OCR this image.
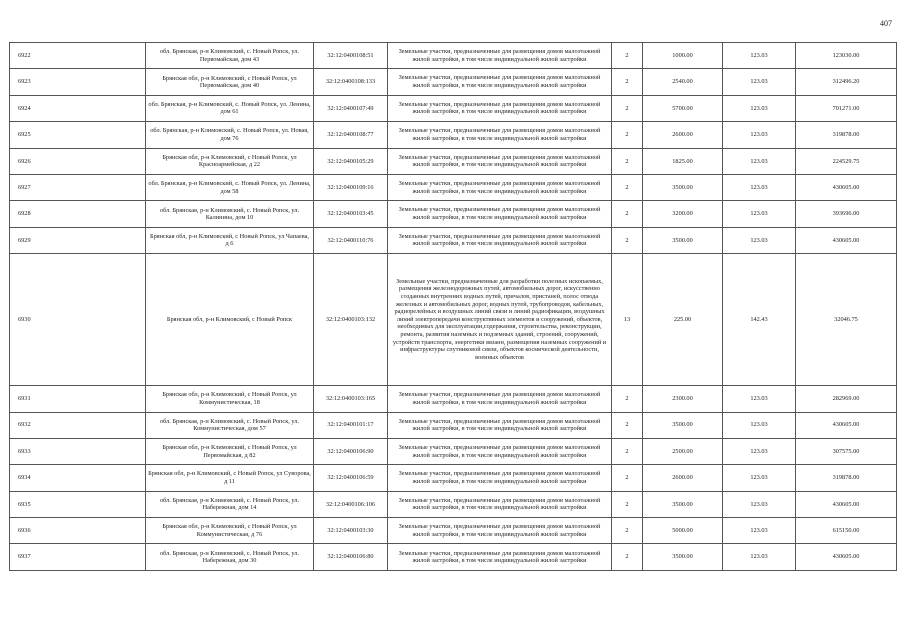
407
6922	обл. Брянская, р-н Климовский, с. Новый Ропск, ул. Первомайская, дом 43	32:12:0400108:51	Земельные участки, предназначенные для размещения домов малоэтажной жилой застройки, в том числе индивидуальной жилой застройки	2	1000.00	123.03	123030.00
6923	Брянская обл, р-н Климовский, с Новый Ропск, ул Первомайская, дом 40	32:12:0400108:133	Земельные участки, предназначенные для размещения домов малоэтажной жилой застройки, в том числе индивидуальной жилой застройки	2	2540.00	123.03	312496.20
6924	обл. Брянская, р-н Климовский, с. Новый Ропск, ул. Ленина, дом 61	32:12:0400107:49	Земельные участки, предназначенные для размещения домов малоэтажной жилой застройки, в том числе индивидуальной жилой застройки	2	5700.00	123.03	701271.00
6925	обл. Брянская, р-н Климовский, с. Новый Ропск, ул. Новая, дом 76	32:12:0400108:77	Земельные участки, предназначенные для размещения домов малоэтажной жилой застройки, в том числе индивидуальной жилой застройки	2	2600.00	123.03	319878.00
6926	Брянская обл, р-н Климовский, с Новый Ропск, ул Красноармейская, д 22	32:12:0400105:29	Земельные участки, предназначенные для размещения домов малоэтажной жилой застройки, в том числе индивидуальной жилой застройки	2	1825.00	123.03	224529.75
6927	обл. Брянская, р-н Климовский, с. Новый Ропск, ул. Ленина, дом 58	32:12:0400109:16	Земельные участки, предназначенные для размещения домов малоэтажной жилой застройки, в том числе индивидуальной жилой застройки	2	3500.00	123.03	430605.00
6928	обл. Брянская, р-н Климовский, с. Новый Ропск, ул. Калинина, дом 10	32:12:0400103:45	Земельные участки, предназначенные для размещения домов малоэтажной жилой застройки, в том числе индивидуальной жилой застройки	2	3200.00	123.03	393696.00
6929	Брянская обл, р-н Климовский, с Новый Ропск, ул Чапаева, д 6	32:12:0400110:76	Земельные участки, предназначенные для размещения домов малоэтажной жилой застройки, в том числе индивидуальной жилой застройки	2	3500.00	123.03	430605.00
6930	Брянская обл, р-н Климовский, с Новый Ропск	32:12:0400103:132	Земельные участки, предназначенные для разработки полезных ископаемых, размещения железнодорожных путей, автомобильных дорог, искусственно созданных внутренних водных путей, причалов, пристаней, полос отвода железных и автомобильных дорог, водных путей, трубопроводов, кабельных, радиорелейных и воздушных линий связи и линий радиофикации, воздушных линий электропередачи конструктивных элементов и сооружений, объектов, необходимых для эксплуатации,содержания, строительства, реконструкции, ремонта, развития наземных и подземных зданий, строений, сооружений, устройств транспорта, энергетики вязанн, размещения наземных сооружений и инфраструктуры спутниковой связи, объектов космической деятельности, военных объектов	13	225.00	142.43	32046.75
6931	Брянская обл, р-н Климовский, с Новый Ропск, ул Коммунистическая, 18	32:12:0400103:165	Земельные участки, предназначенные для размещения домов малоэтажной жилой застройки, в том числе индивидуальной жилой застройки	2	2300.00	123.03	282969.00
6932	обл. Брянская, р-н Климовский, с. Новый Ропск, ул. Коммунистическая, дом 57	32:12:0400101:17	Земельные участки, предназначенные для размещения домов малоэтажной жилой застройки, в том числе индивидуальной жилой застройки	2	3500.00	123.03	430605.00
6933	Брянская обл, р-н Климовский, с Новый Ропск, ул Первомайская, д 82	32:12:0400106:90	Земельные участки, предназначенные для размещения домов малоэтажной жилой застройки, в том числе индивидуальной жилой застройки	2	2500.00	123.03	307575.00
6934	Брянская обл, р-н Климовский, с Новый Ропск, ул Суворова, д 11	32:12:0400106:59	Земельные участки, предназначенные для размещения домов малоэтажной жилой застройки, в том числе индивидуальной жилой застройки	2	2600.00	123.03	319878.00
6935	обл. Брянская, р-н Климовский, с. Новый Ропск, ул. Набережная, дом 14	32:12:0400106:106	Земельные участки, предназначенные для размещения домов малоэтажной жилой застройки, в том числе индивидуальной жилой застройки	2	3500.00	123.03	430605.00
6936	Брянская обл, р-н Климовский, с Новый Ропск, ул Коммунистическая, д 76	32:12:0400103:30	Земельные участки, предназначенные для размещения домов малоэтажной жилой застройки, в том числе индивидуальной жилой застройки	2	5000.00	123.03	615150.00
6937	обл. Брянская, р-н Климовский, с. Новый Ропск, ул. Набережная, дом 30	32:12:0400106:80	Земельные участки, предназначенные для размещения домов малоэтажной жилой застройки, в том числе индивидуальной жилой застройки	2	3500.00	123.03	430605.00
